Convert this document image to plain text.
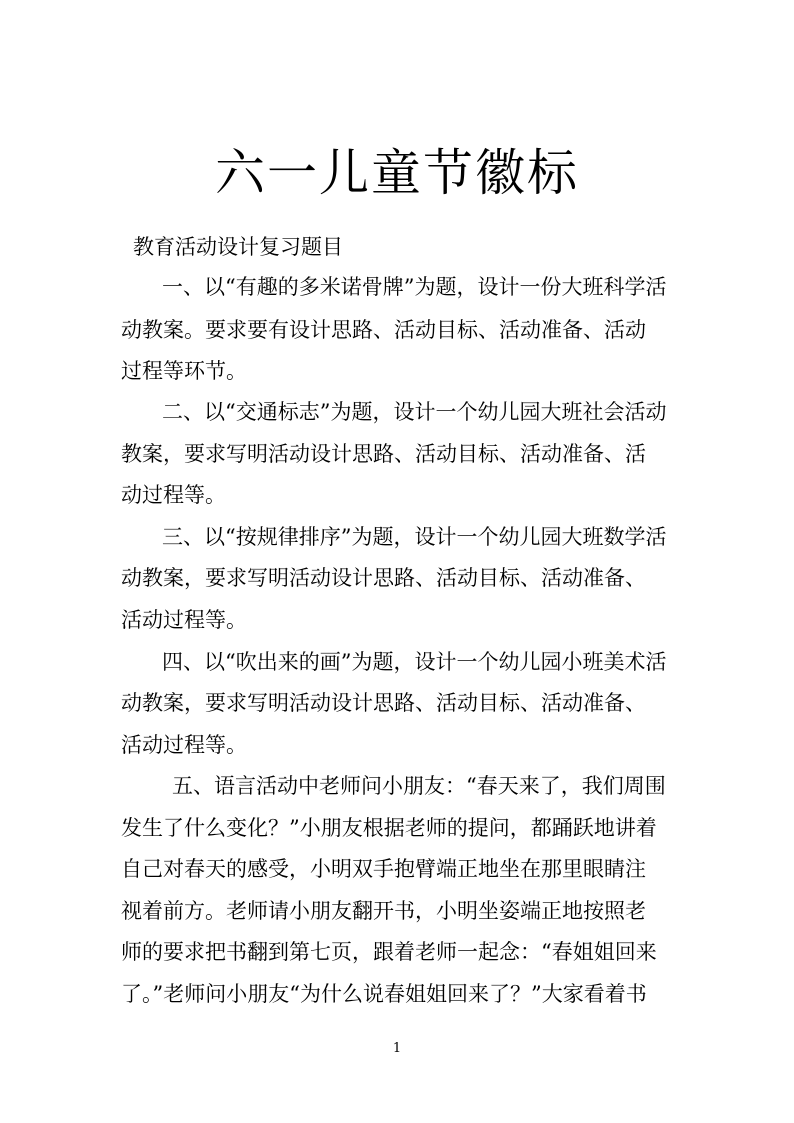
六一儿童节徽标
教育活动设计复习题目
一、以“有趣的多米诺骨牌”为题，设计一份大班科学活
动教案。要求要有设计思路、活动目标、活动准备、活动
过程等环节。
二、以“交通标志”为题，设计一个幼儿园大班社会活动
教案，要求写明活动设计思路、活动目标、活动准备、活
动过程等。
三、以“按规律排序”为题，设计一个幼儿园大班数学活
动教案，要求写明活动设计思路、活动目标、活动准备、
活动过程等。
四、以“吹出来的画”为题，设计一个幼儿园小班美术活
动教案，要求写明活动设计思路、活动目标、活动准备、
活动过程等。
五、语言活动中老师问小朋友：“春天来了，我们周围
发生了什么变化？”小朋友根据老师的提问，都踊跃地讲着
自己对春天的感受，小明双手抱臂端正地坐在那里眼睛注
视着前方。老师请小朋友翻开书，小明坐姿端正地按照老
师的要求把书翻到第七页，跟着老师一起念：“春姐姐回来
了。”老师问小朋友“为什么说春姐姐回来了？”大家看着书
1
